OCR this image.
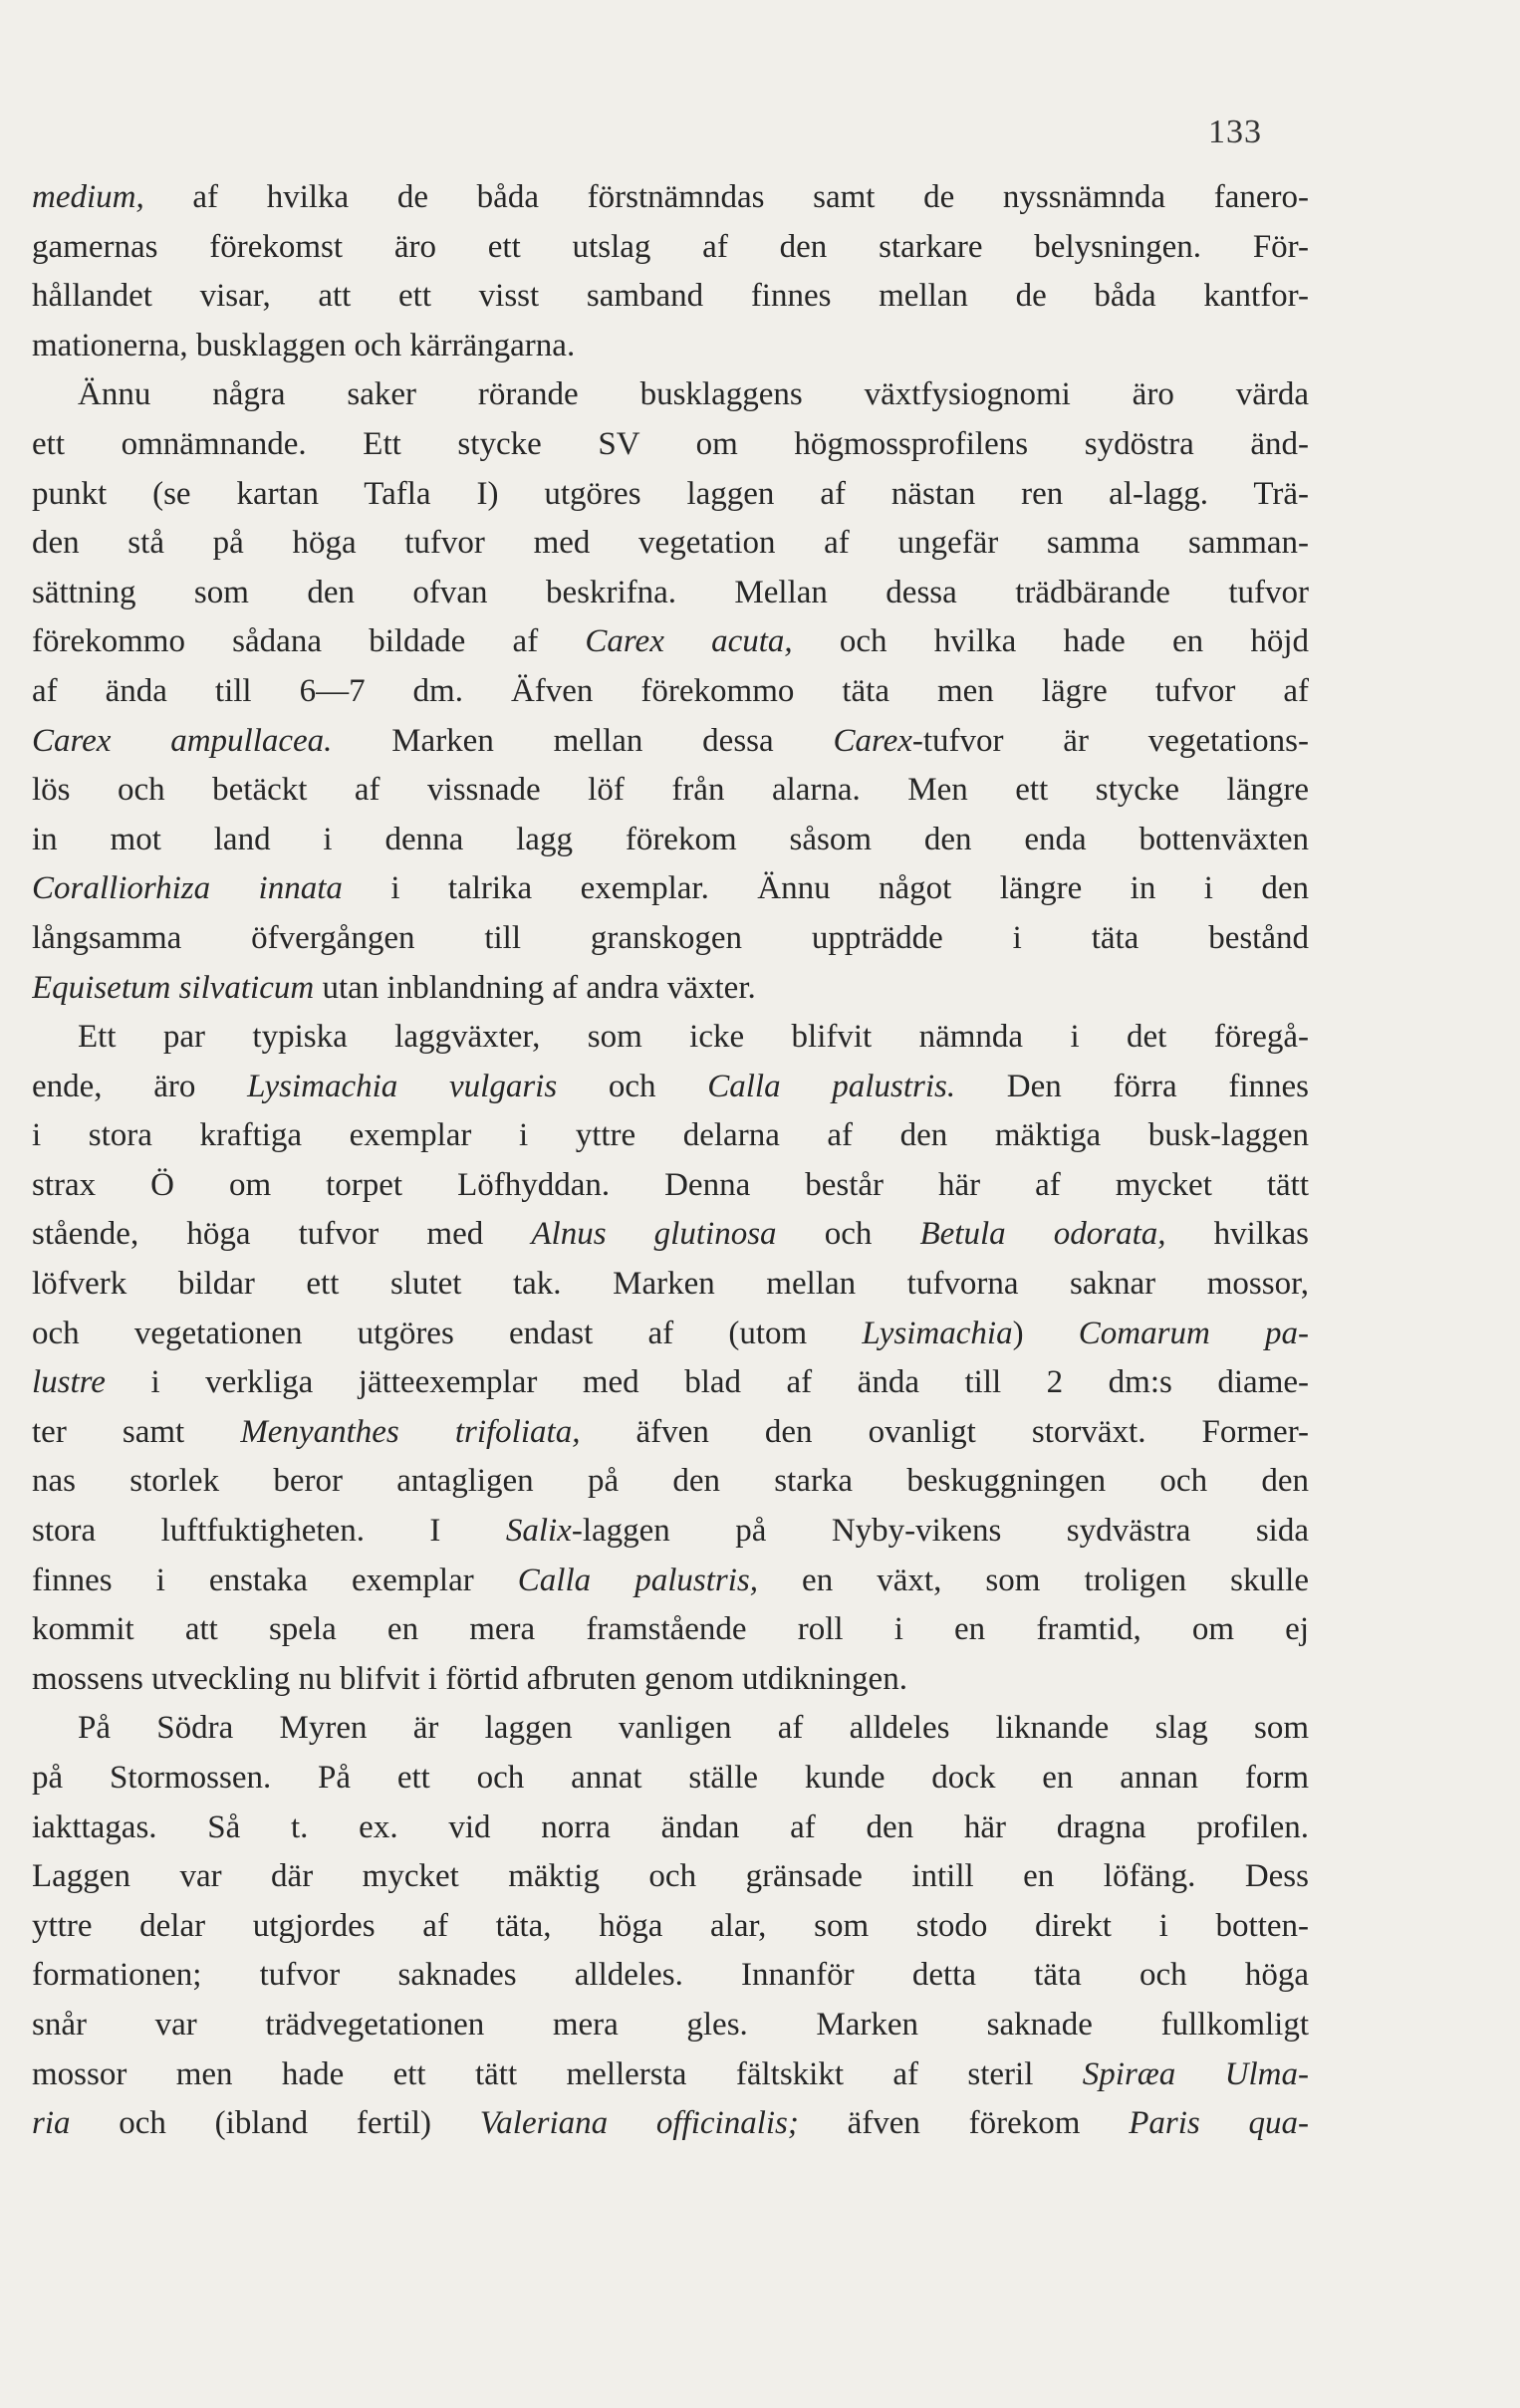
133
medium, af hvilka de båda förstnämndas samt de nyssnämnda fanero-
gamernas förekomst äro ett utslag af den starkare belysningen. För-
hållandet visar, att ett visst samband finnes mellan de båda kantfor-
mationerna, busklaggen och kärrängarna.
Ännu några saker rörande busklaggens växtfysiognomi äro värda
ett omnämnande. Ett stycke SV om högmossprofilens sydöstra änd-
punkt (se kartan Tafla I) utgöres laggen af nästan ren al-lagg. Trä-
den stå på höga tufvor med vegetation af ungefär samma samman-
sättning som den ofvan beskrifna. Mellan dessa trädbärande tufvor
förekommo sådana bildade af Carex acuta, och hvilka hade en höjd
af ända till 6—7 dm. Äfven förekommo täta men lägre tufvor af
Carex ampullacea. Marken mellan dessa Carex-tufvor är vegetations-
lös och betäckt af vissnade löf från alarna. Men ett stycke längre
in mot land i denna lagg förekom såsom den enda bottenväxten
Coralliorhiza innata i talrika exemplar. Ännu något längre in i den
långsamma öfvergången till granskogen uppträdde i täta bestånd
Equisetum silvaticum utan inblandning af andra växter.
Ett par typiska laggväxter, som icke blifvit nämnda i det föregå-
ende, äro Lysimachia vulgaris och Calla palustris. Den förra finnes
i stora kraftiga exemplar i yttre delarna af den mäktiga busk-laggen
strax Ö om torpet Löfhyddan. Denna består här af mycket tätt
stående, höga tufvor med Alnus glutinosa och Betula odorata, hvilkas
löfverk bildar ett slutet tak. Marken mellan tufvorna saknar mossor,
och vegetationen utgöres endast af (utom Lysimachia) Comarum pa-
lustre i verkliga jätteexemplar med blad af ända till 2 dm:s diame-
ter samt Menyanthes trifoliata, äfven den ovanligt storväxt. Former-
nas storlek beror antagligen på den starka beskuggningen och den
stora luftfuktigheten. I Salix-laggen på Nyby-vikens sydvästra sida
finnes i enstaka exemplar Calla palustris, en växt, som troligen skulle
kommit att spela en mera framstående roll i en framtid, om ej
mossens utveckling nu blifvit i förtid afbruten genom utdikningen.
På Södra Myren är laggen vanligen af alldeles liknande slag som
på Stormossen. På ett och annat ställe kunde dock en annan form
iakttagas. Så t. ex. vid norra ändan af den här dragna profilen.
Laggen var där mycket mäktig och gränsade intill en löfäng. Dess
yttre delar utgjordes af täta, höga alar, som stodo direkt i botten-
formationen; tufvor saknades alldeles. Innanför detta täta och höga
snår var trädvegetationen mera gles. Marken saknade fullkomligt
mossor men hade ett tätt mellersta fältskikt af steril Spiræa Ulma-
ria och (ibland fertil) Valeriana officinalis; äfven förekom Paris qua-
